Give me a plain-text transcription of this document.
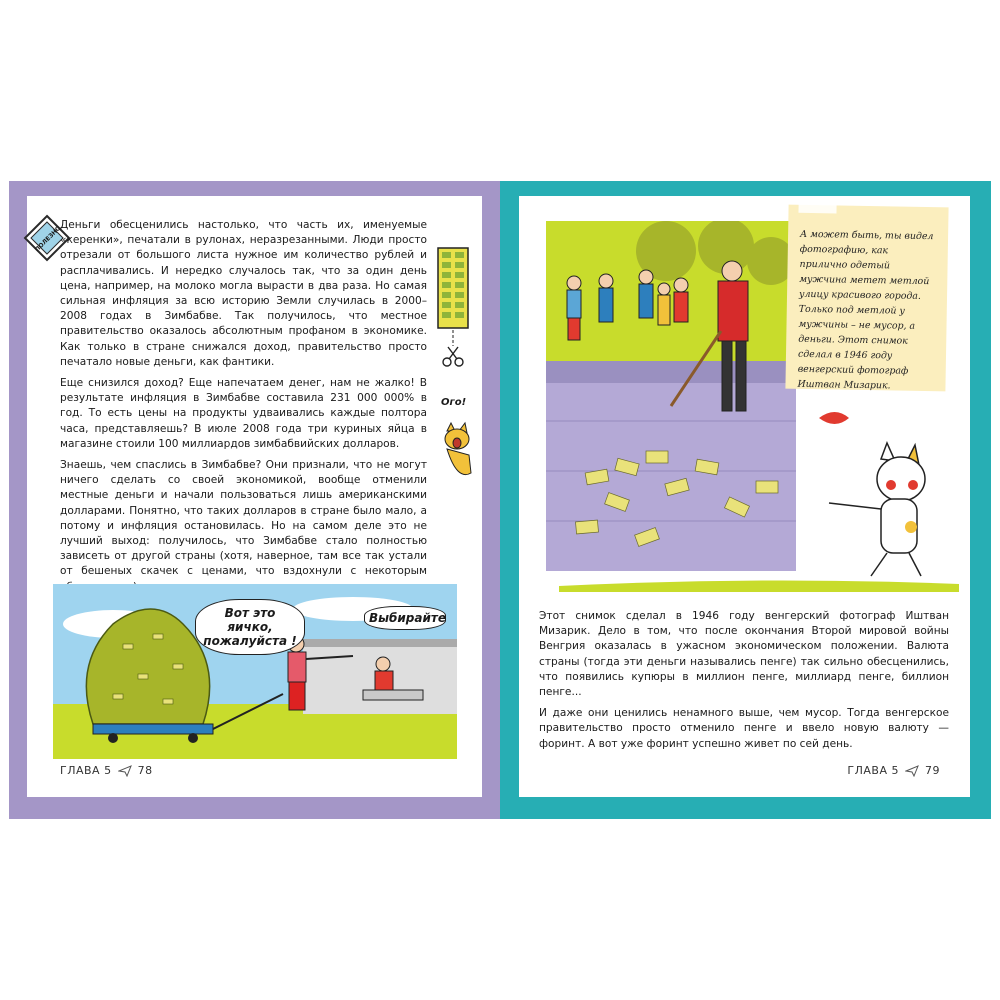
ПОЛЕЗНО

Деньги обесценились настолько, что часть их, именуемые «керенки», печатали в рулонах, неразрезанными. Люди просто отрезали от большого листа нужное им количество рублей и расплачивались. И нередко случалось так, что за один день цена, например, на молоко могла вырасти в два раза. Но самая сильная инфляция за всю историю Земли случилась в 2000–2008 годах в Зимбабве. Так получилось, что местное правительство оказалось абсолютным профаном в экономике. Как только в стране снижался доход, правительство просто печатало новые деньги, как фантики.

Еще снизился доход? Еще напечатаем денег, нам не жалко! В результате инфляция в Зимбабве составила 231 000 000% в год. То есть цены на продукты удваивались каждые полтора часа, представляешь? В июле 2008 года три куриных яйца в магазине стоили 100 миллиардов зимбабвийских долларов.

Знаешь, чем спаслись в Зимбабве? Они признали, что не могут ничего сделать со своей экономикой, вообще отменили местные деньги и начали пользоваться лишь американскими долларами. Понятно, что таких долларов в стране было мало, а потому и инфляция остановилась. Но на самом деле это не лучший выход: получилось, что Зимбабве стало полностью зависеть от другой страны (хотя, наверное, там все так устали от бешеных скачек с ценами, что вздохнули с некоторым

Ого!
Вот это яичко, пожалуйста !
Выбирайте
ГЛАВА 5 78
А может быть, ты видел фотографию, как прилично одетый мужчина метет метлой улицу красивого города. Только под метлой у мужчины – не мусор, а деньги. Этот снимок сделал в 1946 году венгерский фотограф Иштван Мизарик.

Этот снимок сделал в 1946 году венгерский фотограф Иштван Мизарик. Дело в том, что после окончания Второй мировой войны Венгрия оказалась в ужасном экономическом положении. Валюта страны (тогда эти деньги назывались пенге) так сильно обесценились, что появились купюры в миллион пенге, миллиард пенге, биллион пенге...

И даже они ценились ненамного выше, чем мусор. Тогда венгерское правительство просто отменило пенге и ввело новую валюту — форинт. А вот уже форинт успешно живет по сей день.

ГЛАВА 5 79
